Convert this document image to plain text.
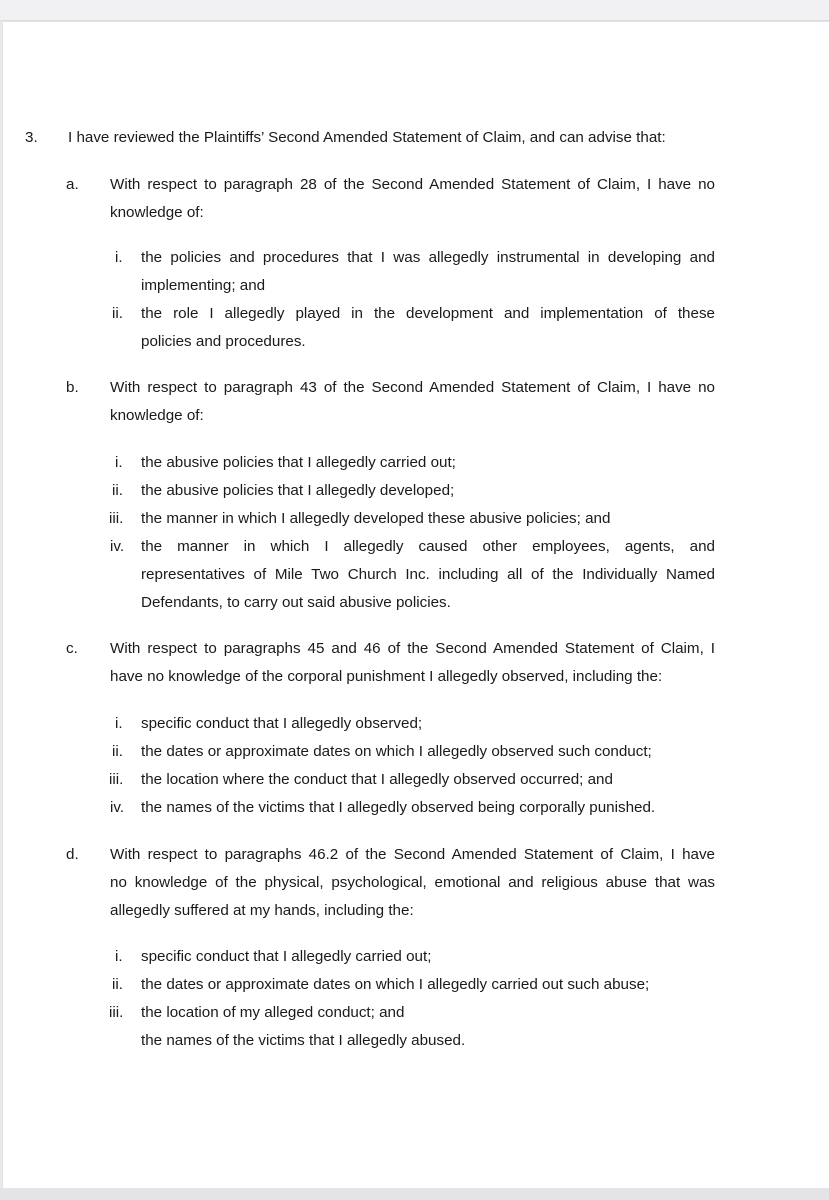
3. I have reviewed the Plaintiffs’ Second Amended Statement of Claim, and can advise that:
a. With respect to paragraph 28 of the Second Amended Statement of Claim, I have no
knowledge of:
i. the policies and procedures that I was allegedly instrumental in developing and
implementing; and
ii. the role I allegedly played in the development and implementation of these
policies and procedures.
b. With respect to paragraph 43 of the Second Amended Statement of Claim, I have no
knowledge of:
i. the abusive policies that I allegedly carried out;
ii. the abusive policies that I allegedly developed;
iii. the manner in which I allegedly developed these abusive policies; and
iv. the manner in which I allegedly caused other employees, agents, and
representatives of Mile Two Church Inc. including all of the Individually Named
Defendants, to carry out said abusive policies.
c. With respect to paragraphs 45 and 46 of the Second Amended Statement of Claim, I
have no knowledge of the corporal punishment I allegedly observed, including the:
i. specific conduct that I allegedly observed;
ii. the dates or approximate dates on which I allegedly observed such conduct;
iii. the location where the conduct that I allegedly observed occurred; and
iv. the names of the victims that I allegedly observed being corporally punished.
d. With respect to paragraphs 46.2 of the Second Amended Statement of Claim, I have
no knowledge of the physical, psychological, emotional and religious abuse that was
allegedly suffered at my hands, including the:
i. specific conduct that I allegedly carried out;
ii. the dates or approximate dates on which I allegedly carried out such abuse;
iii. the location of my alleged conduct; and
the names of the victims that I allegedly abused.
